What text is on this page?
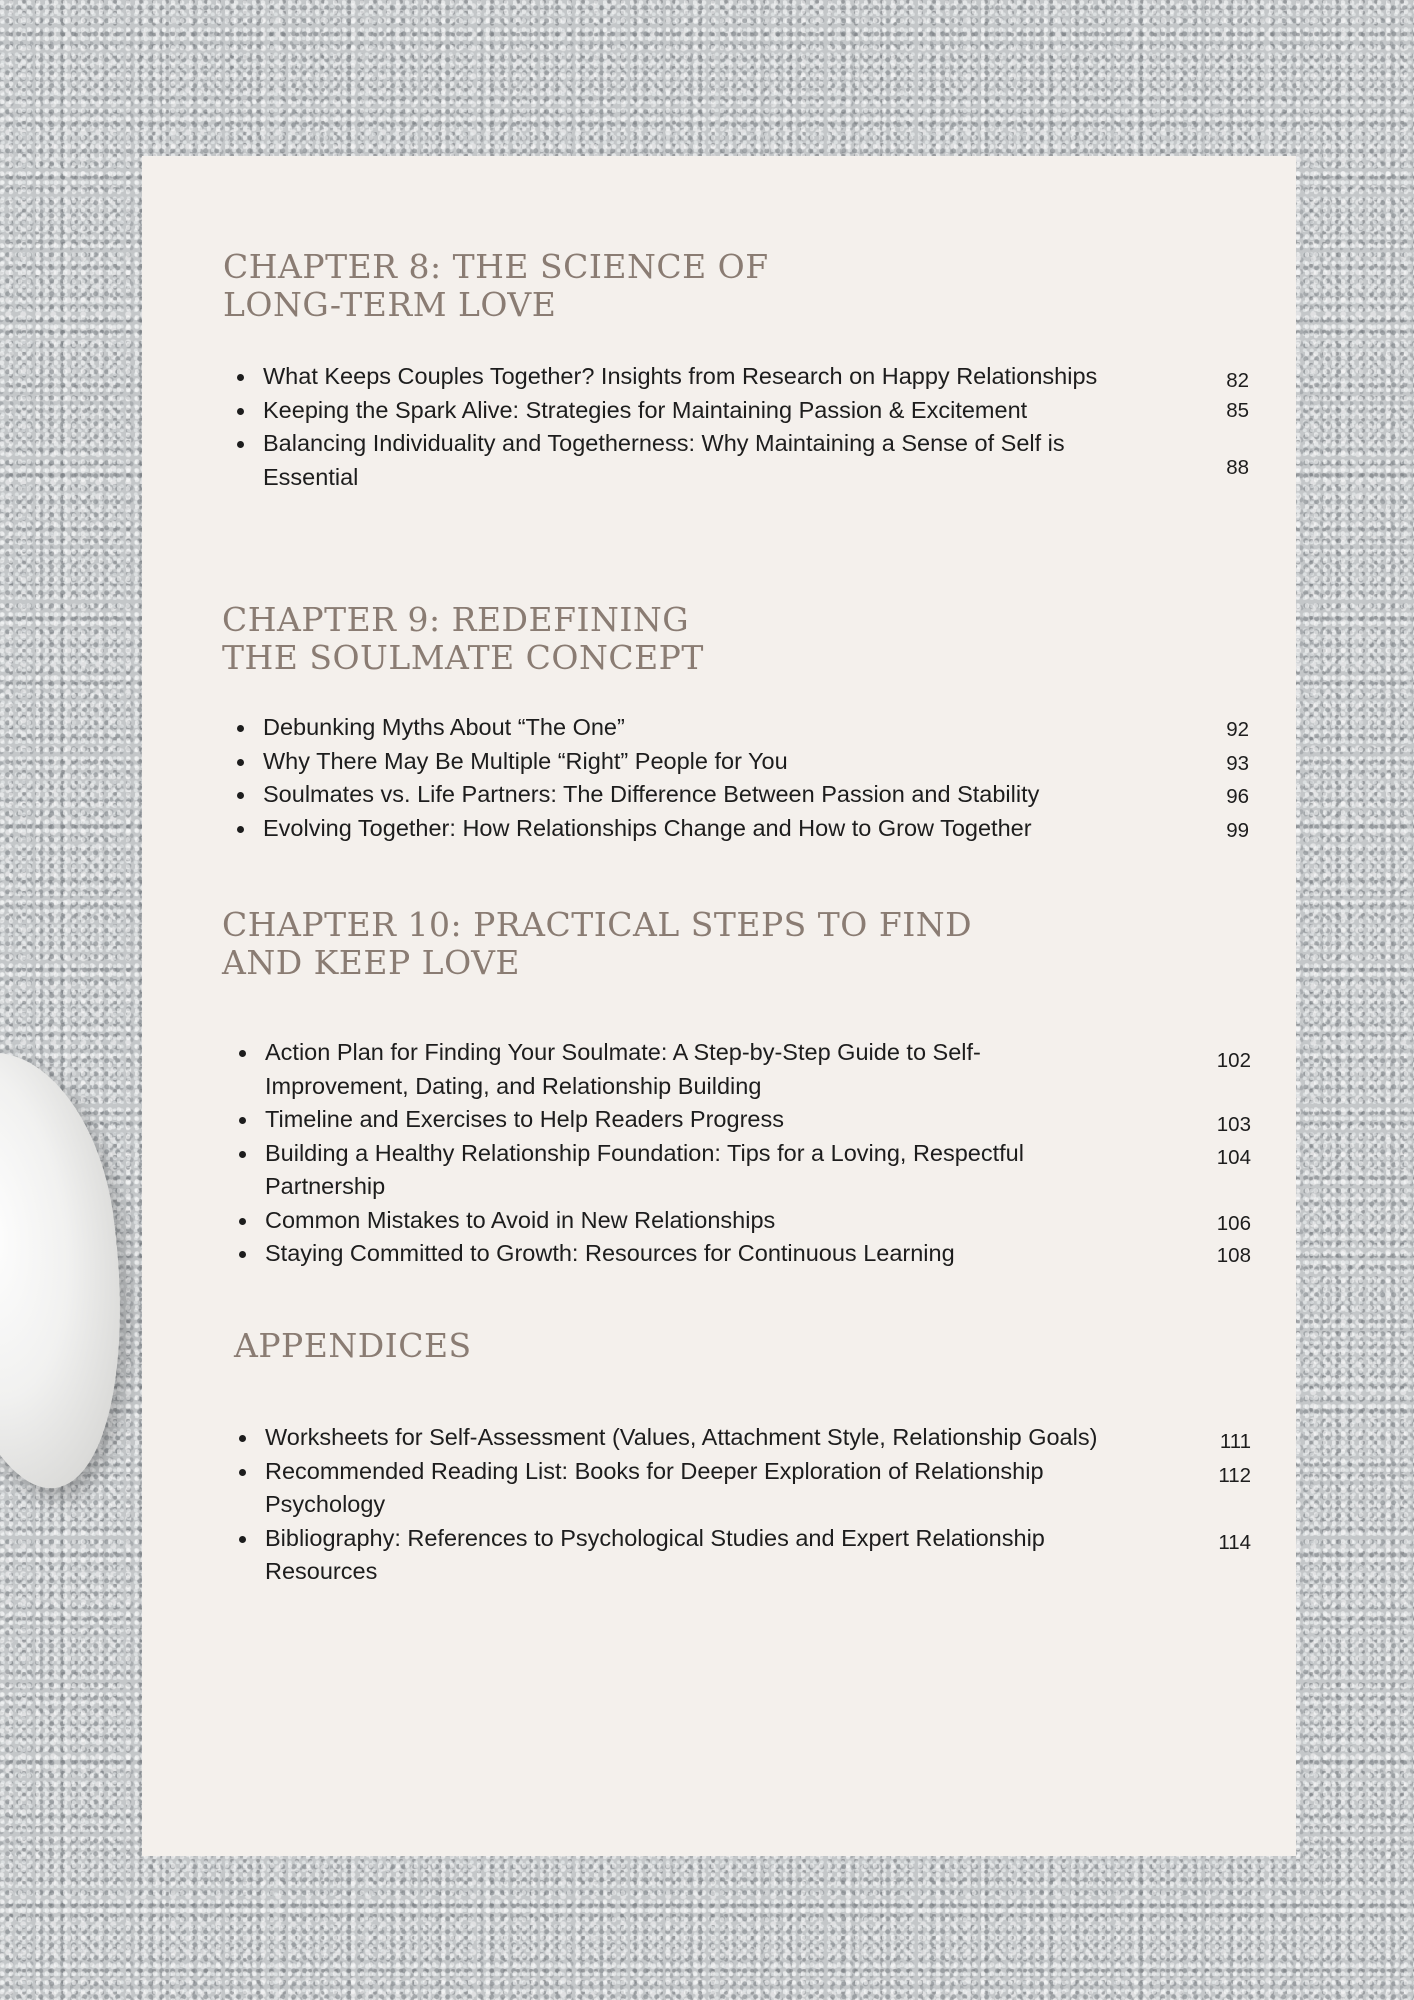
CHAPTER 8: THE SCIENCE OF
LONG-TERM LOVE
What Keeps Couples Together? Insights from Research on Happy Relationships	82
Keeping the Spark Alive: Strategies for Maintaining Passion & Excitement	85
Balancing Individuality and Togetherness: Why Maintaining a Sense of Self is Essential	88
CHAPTER 9: REDEFINING
THE SOULMATE CONCEPT
Debunking Myths About “The One”	92
Why There May Be Multiple “Right” People for You	93
Soulmates vs. Life Partners: The Difference Between Passion and Stability	96
Evolving Together: How Relationships Change and How to Grow Together	99
CHAPTER 10: PRACTICAL STEPS TO FIND
AND KEEP LOVE
Action Plan for Finding Your Soulmate: A Step-by-Step Guide to Self-Improvement, Dating, and Relationship Building
102
Timeline and Exercises to Help Readers Progress	103
Building a Healthy Relationship Foundation: Tips for a Loving, Respectful Partnership
104
Common Mistakes to Avoid in New Relationships	106
Staying Committed to Growth: Resources for Continuous Learning	108
APPENDICES
Worksheets for Self-Assessment (Values, Attachment Style, Relationship Goals)	111
Recommended Reading List: Books for Deeper Exploration of Relationship Psychology
112
Bibliography: References to Psychological Studies and Expert Relationship Resources
114
